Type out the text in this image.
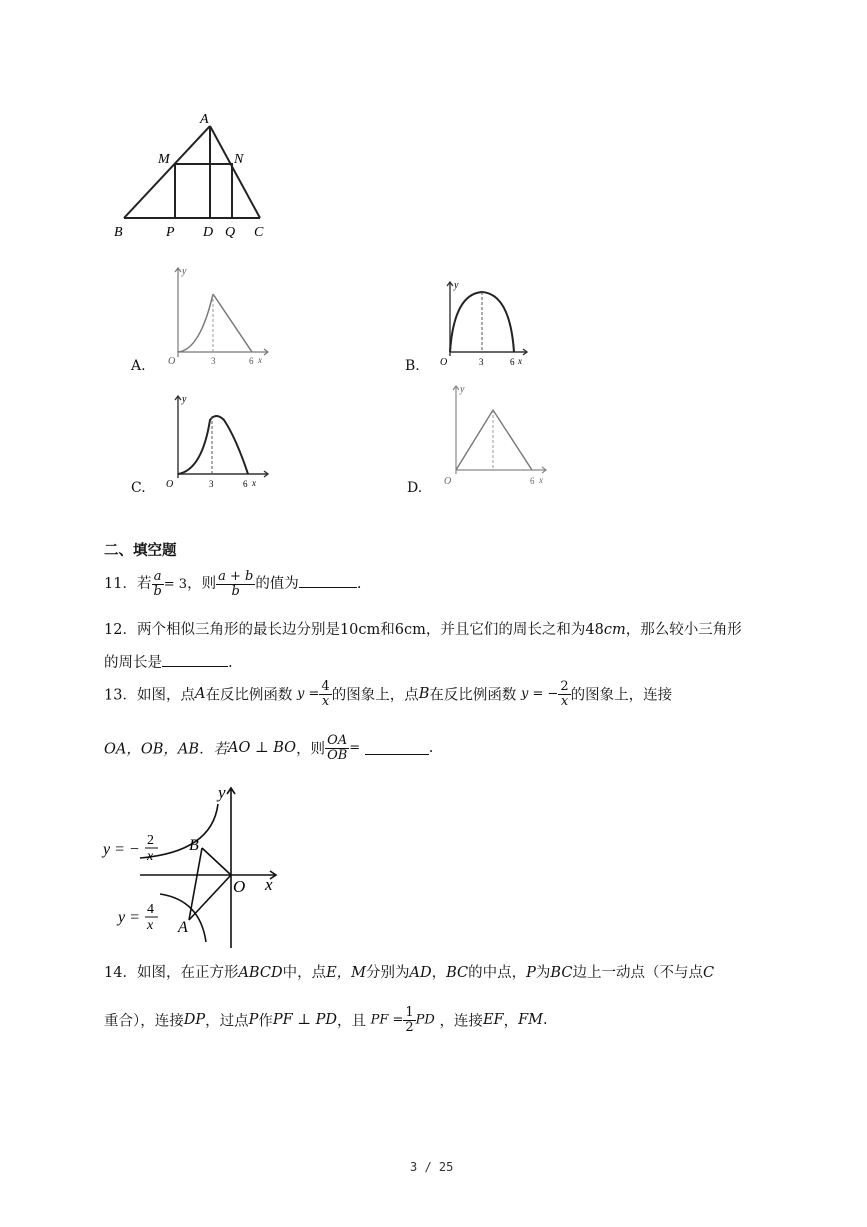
A
M	N
B	P D Q C
A.
y
O	3	6 x	B.
y
O	3	6 x
C.
y
O	3	6 x	D.
y
O	6 x
二、填空题
11．若 $\frac{a}{b} = 3$，则 $\frac{a + b}{b}$ 的值为	.
12．两个相似三角形的最长边分别是10cm和6cm，并且它们的周长之和为48cm，那么较小三角形
的周长是	.
13．如图，点A在反比例函数 $y = \frac{4}{x}$ 的图象上，点B在反比例函数 y = − $\frac{2}{x}$ 的图象上，连接
OA，OB，AB．若AO ⊥ BO，则 $\frac{OA}{OB}$ =	.
y
x
O
B
A
y = −
2
x
y = 4
x
14．如图，在正方形ABCD中，点E，M分别为AD，BC的中点，P为BC边上一动点（不与点C
重合），连接DP，过点P作PF ⊥ PD，且 PF = $\frac{1}{2}$ PD ，连接EF，FM.
3 / 25
